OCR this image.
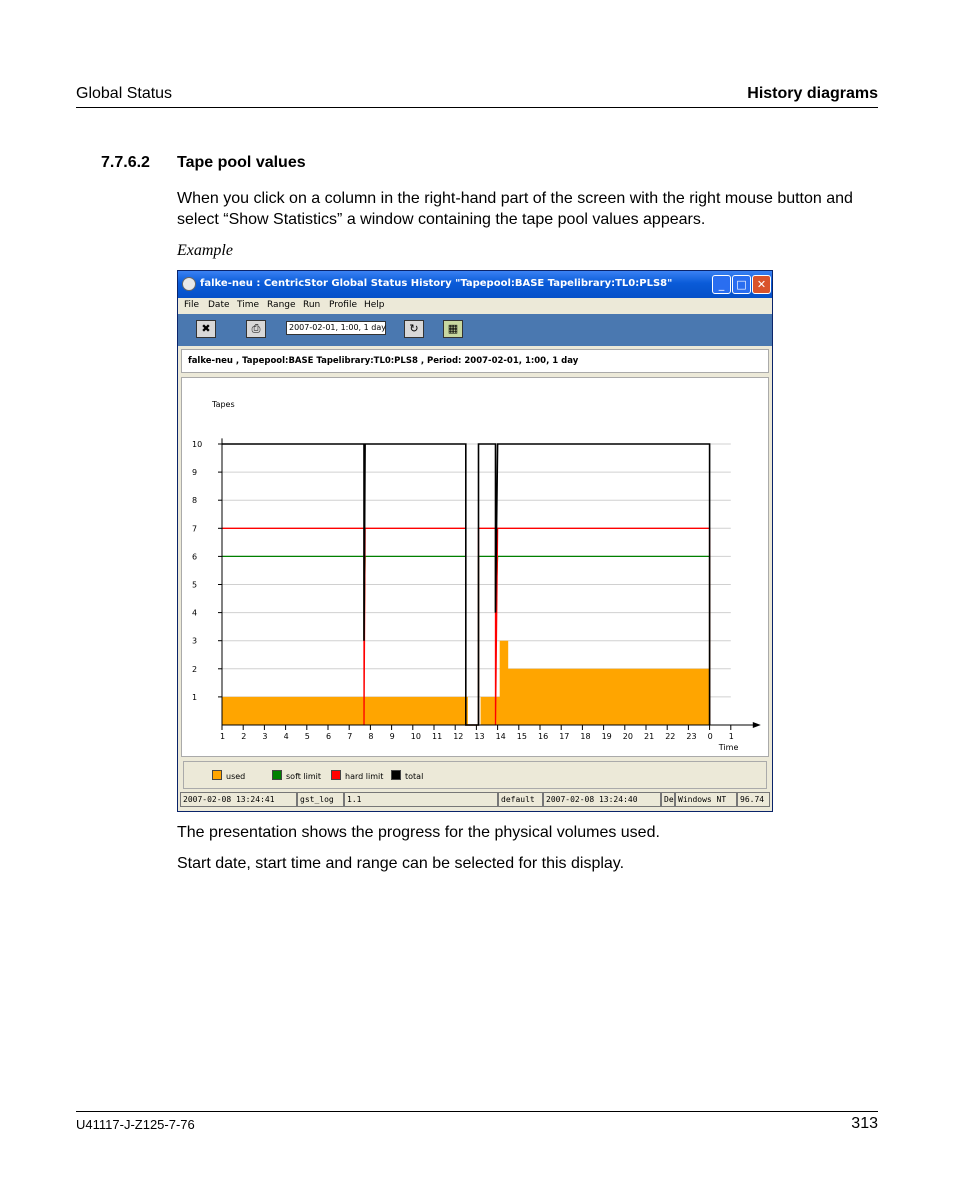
Global Status	History diagrams
7.7.6.2 Tape pool values
When you click on a column in the right-hand part of the screen with the right mouse button and select “Show Statistics” a window containing the tape pool values appears.
Example
falke-neu : CentricStor Global Status History "Tapepool:BASE Tapelibrary:TL0:PLS8"	_	□ ✕
File Date Time Range Run Profile Help
✖	⎙	2007-02-01, 1:00, 1 day	↻	▦
falke-neu , Tapepool:BASE Tapelibrary:TL0:PLS8 , Period: 2007-02-01, 1:00, 1 day
1
2
3
4
5
6
7
8
9
10
1 2 3 4 5 6 7 8 9 10 11 12 13 14 15 16 17 18 19 20 21 22 23 0 1
Tapes
Time
used	soft limit	hard limit	total
2007-02-08 13:24:41	gst_log	1.1	default	2007-02-08 13:24:40	De Windows NT	96.74
The presentation shows the progress for the physical volumes used.
Start date, start time and range can be selected for this display.
U41117-J-Z125-7-76	313
